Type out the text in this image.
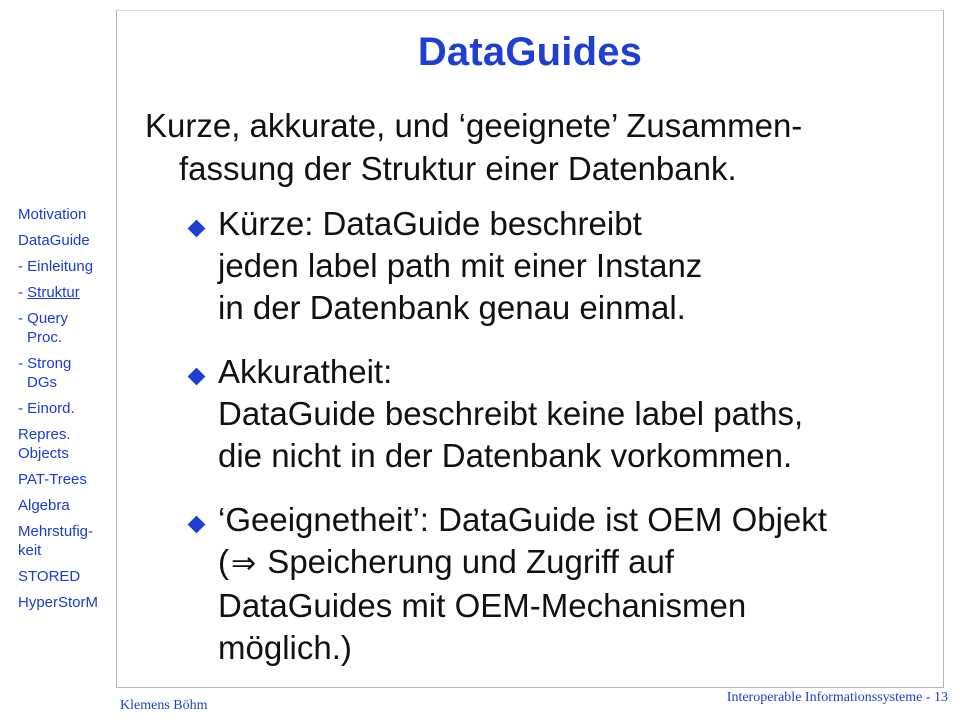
DataGuides
Kurze, akkurate, und ‘geeignete’ Zusammen-
fassung der Struktur einer Datenbank.
Kürze: DataGuide beschreibt
jeden label path mit einer Instanz
in der Datenbank genau einmal.
Akkuratheit:
DataGuide beschreibt keine label paths,
die nicht in der Datenbank vorkommen.
‘Geeignetheit’: DataGuide ist OEM Objekt
(⇒ Speicherung und Zugriff auf
DataGuides mit OEM-Mechanismen
möglich.)
Motivation
DataGuide
- Einleitung
- Struktur
- Query
Proc.
- Strong
DGs
- Einord.
Repres.
Objects
PAT-Trees
Algebra
Mehrstufig-
keit
STORED
HyperStorM
Klemens Böhm
Interoperable Informationssysteme - 13
